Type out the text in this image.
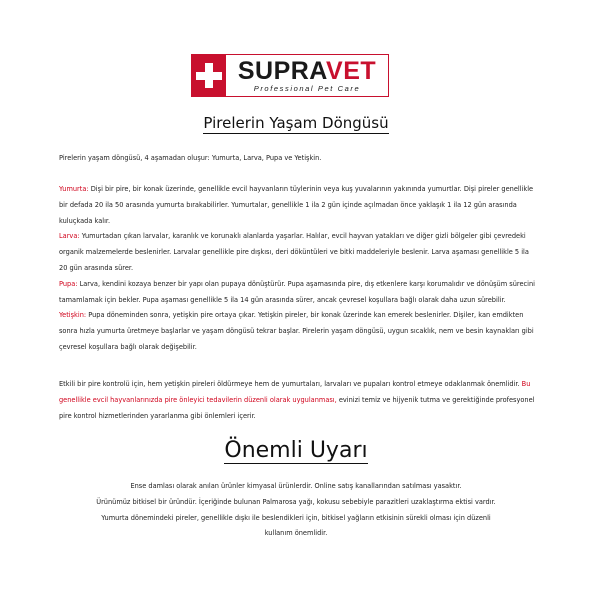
SUPRAVET
Professional Pet Care
Pirelerin Yaşam Döngüsü
Pirelerin yaşam döngüsü, 4 aşamadan oluşur: Yumurta, Larva, Pupa ve Yetişkin.
Yumurta: Dişi bir pire, bir konak üzerinde, genellikle evcil hayvanların tüylerinin veya kuş yuvalarının yakınında yumurtlar. Dişi pireler genellikle bir defada 20 ila 50 arasında yumurta bırakabilirler. Yumurtalar, genellikle 1 ila 2 gün içinde açılmadan önce yaklaşık 1 ila 12 gün arasında kuluçkada kalır.
Larva: Yumurtadan çıkan larvalar, karanlık ve korunaklı alanlarda yaşarlar. Halılar, evcil hayvan yatakları ve diğer gizli bölgeler gibi çevredeki organik malzemelerde beslenirler. Larvalar genellikle pire dışkısı, deri döküntüleri ve bitki maddeleriyle beslenir. Larva aşaması genellikle 5 ila 20 gün arasında sürer.
Pupa: Larva, kendini kozaya benzer bir yapı olan pupaya dönüştürür. Pupa aşamasında pire, dış etkenlere karşı korumalıdır ve dönüşüm sürecini tamamlamak için bekler. Pupa aşaması genellikle 5 ila 14 gün arasında sürer, ancak çevresel koşullara bağlı olarak daha uzun sürebilir.
Yetişkin: Pupa döneminden sonra, yetişkin pire ortaya çıkar. Yetişkin pireler, bir konak üzerinde kan emerek beslenirler. Dişiler, kan emdikten sonra hızla yumurta üretmeye başlarlar ve yaşam döngüsü tekrar başlar. Pirelerin yaşam döngüsü, uygun sıcaklık, nem ve besin kaynakları gibi çevresel koşullara bağlı olarak değişebilir.
Etkili bir pire kontrolü için, hem yetişkin pireleri öldürmeye hem de yumurtaları, larvaları ve pupaları kontrol etmeye odaklanmak önemlidir. Bu genellikle evcil hayvanlarınızda pire önleyici tedavilerin düzenli olarak uygulanması, evinizi temiz ve hijyenik tutma ve gerektiğinde profesyonel pire kontrol hizmetlerinden yararlanma gibi önlemleri içerir.
Önemli Uyarı
Ense damlası olarak anılan ürünler kimyasal ürünlerdir. Online satış kanallarından satılması yasaktır.
Ürünümüz bitkisel bir üründür. İçeriğinde bulunan Palmarosa yağı, kokusu sebebiyle parazitleri uzaklaştırma ektisi vardır.
Yumurta dönemindeki pireler, genellikle dışkı ile beslendikleri için, bitkisel yağların etkisinin sürekli olması için düzenli
kullanım önemlidir.
